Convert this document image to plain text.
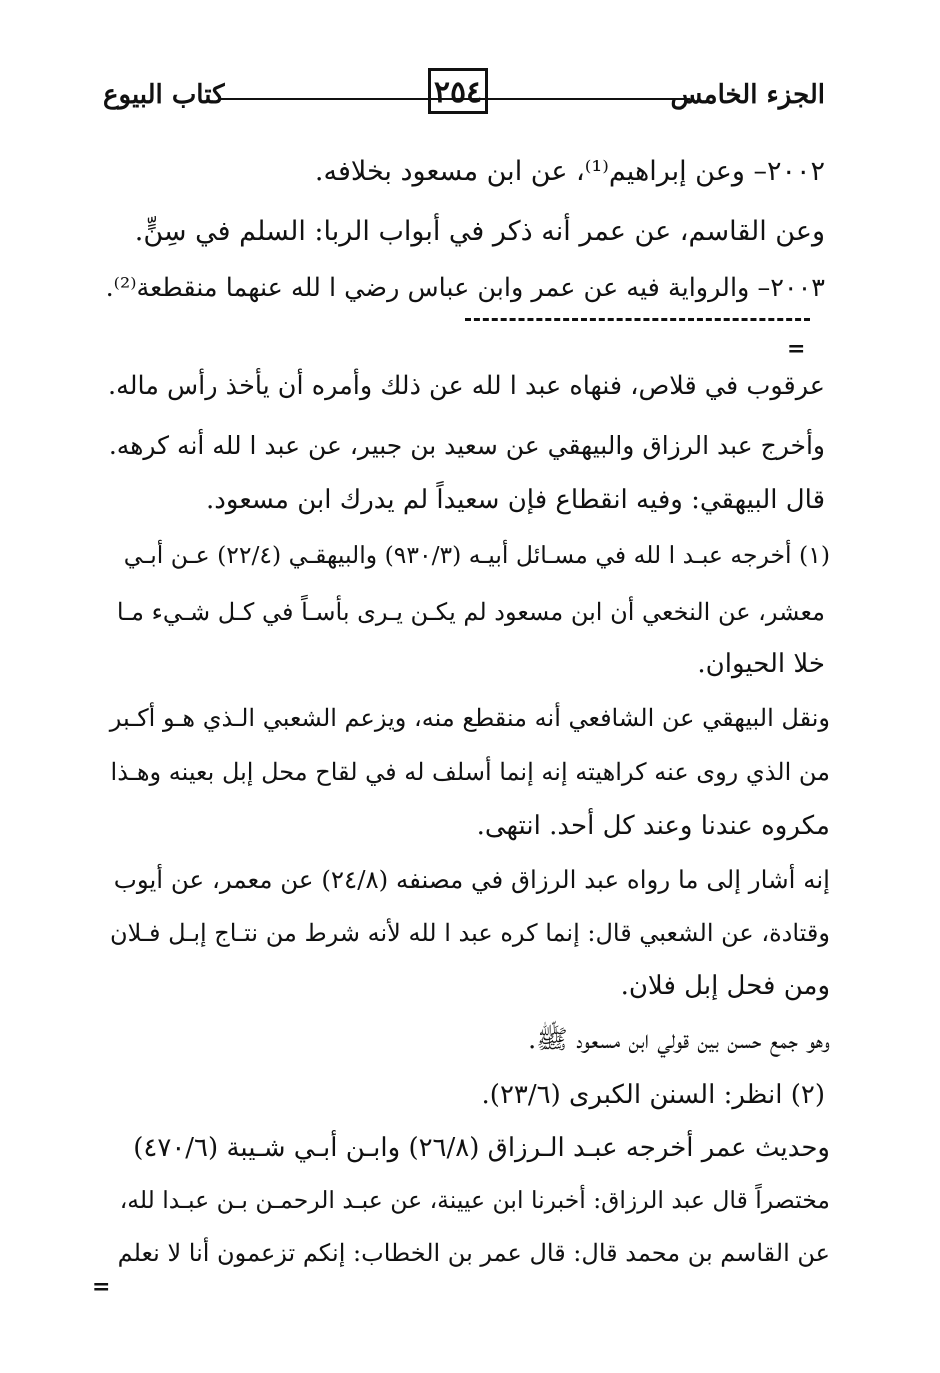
الجزء الخامس
٢٥٤
كتاب البيوع
٢٠٠٢– وعن إبراهيم⁽¹⁾، عن ابن مسعود بخلافه.
وعن القاسم، عن عمر أنه ذكر في أبواب الربا: السلم في سِنٍّ.
٢٠٠٣– والرواية فيه عن عمر وابن عباس رضي ا لله عنهما منقطعة⁽²⁾.
=
عرقوب في قلاص، فنهاه عبد ا لله عن ذلك وأمره أن يأخذ رأس ماله.
وأخرج عبد الرزاق والبيهقي عن سعيد بن جبير، عن عبد ا لله أنه كرهه.
قال البيهقي: وفيه انقطاع فإن سعيداً لم يدرك ابن مسعود.
(١) أخرجه عبـد ا لله في مسـائل أبيـه (٩٣٠/٣) والبيهقـي (٢٢/٤) عـن أبـي
معشر، عن النخعي أن ابن مسعود لم يكـن يـرى بأسـاً في كـل شـيء مـا
خلا الحيوان.
ونقل البيهقي عن الشافعي أنه منقطع منه، ويزعم الشعبي الـذي هـو أكـبر
من الذي روى عنه كراهيته إنه إنما أسلف له في لقاح محل إبل بعينه وهـذا
مكروه عندنا وعند كل أحد. انتهى.
إنه أشار إلى ما رواه عبد الرزاق في مصنفه (٢٤/٨) عن معمر، عن أيوب
وقتادة، عن الشعبي قال: إنما كره عبد ا لله لأنه شرط من نتـاج إبـل فـلان
ومن فحل إبل فلان.
وهو جمع حسن بين قولي ابن مسعود ﷺ.
(٢) انظر: السنن الكبرى (٢٣/٦).
وحديث عمر أخرجه عبـد الـرزاق (٢٦/٨) وابـن أبـي شـيبة (٤٧٠/٦)
مختصراً قال عبد الرزاق: أخبرنا ابن عيينة، عن عبـد الرحمـن بـن عبـدا لله،
عن القاسم بن محمد قال: قال عمر بن الخطاب: إنكم تزعمون أنا لا نعلم
=
